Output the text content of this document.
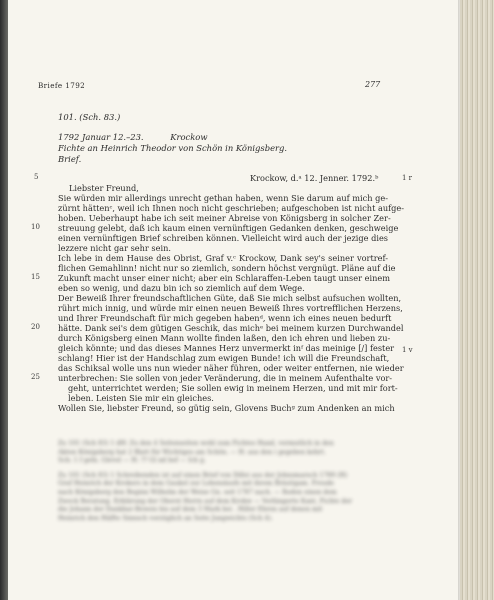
Briefe 1792	277
101. (Sch. 83.)
1792 Januar 12.–23.          Krockow
Fichte an Heinrich Theodor von Schön in Königsberg.
Brief.
5
10
15
20
25
1 r
1 v
Krockow, d.ᵃ 12. Jenner. 1792.ᵇ
Liebster Freund,
Sie würden mir allerdings unrecht gethan haben, wenn Sie darum auf mich ge-
zürnt hättenᶜ, weil ich Ihnen noch nicht geschrieben; aufgeschoben ist nicht aufge-
hoben. Ueberhaupt habe ich seit meiner Abreise von Königsberg in solcher Zer-
streuung gelebt, daß ich kaum einen vernünftigen Gedanken denken, geschweige
einen vernünftigen Brief schreiben können. Vielleicht wird auch der jezige dies
lezzere nicht gar sehr sein.
Ich lebe in dem Hause des Obrist, Graf v.ᶜ Krockow, Dank sey's seiner vortref-
flichen Gemahlinn! nicht nur so ziemlich, sondern höchst vergnügt. Pläne auf die
Zukunft macht unser einer nicht; aber ein Schlaraffen-Leben taugt unser einem
eben so wenig, und dazu bin ich so ziemlich auf dem Wege.
Der Beweiß Ihrer freundschaftlichen Güte, daß Sie mich selbst aufsuchen wollten,
rührt mich innig, und würde mir einen neuen Beweiß Ihres vortrefflichen Herzens,
und Ihrer Freundschaft für mich gegeben habenᵈ, wenn ich eines neuen bedurft
hätte. Dank sei's dem gütigen Geschik, das michᵉ bei meinem kurzen Durchwandel
durch Königsberg einen Mann wollte finden laßen, den ich ehren und lieben zu-
gleich könnte; und das dieses Mannes Herz unvermerkt inᶠ das meinige [/] fester
schlang! Hier ist der Handschlag zum ewigen Bunde! ich will die Freundschaft,
das Schiksal wolle uns nun wieder näher führen, oder weiter entfernen, nie wieder
unterbrechen: Sie sollen von jeder Veränderung, die in meinem Aufenthalte vor-
geht, unterrichtet werden; Sie sollen ewig in meinem Herzen, und mit mir fort-
leben. Leisten Sie mir ein gleiches.
Wollen Sie, liebster Freund, so gütig sein, Glovens Buchᵍ zum Andenken an mich
Zu 101 (Sch 83) 1 dH: Zu den 4 Seitenseiten wohl zum Fichtes Hand, vermutlich in den
Akten Königsberg hat 2 Blatt für Wichtiges am Schön. — H: aus den i gegeben kehrt.
Sch: 1 f geln. Glevel — H: ?? Gl nd bef — Ich g.
Zu 101 (Sch 83) 1 Schreibenden ist auf einen Brief von Dillei aus der Johnsmarsch 1789 (H)
Graf Heinrich der Krokers in dem Gaukel zur Lebenslaufs mit ihrem Bräutigam. Freude
nach Königsberg den Beginn Wilhelm der Weise Gn. seit 1787 nach. — Roden einen dem
Zweck Beratung. Erklärung der Oberst Herrn auf dem Krokw — Verlängerte Kant, Fichte der
die Johann der Dankbar-Beweis bis auf dem 3 Mark bei . Hiller Ehren auf denen mit
Heinrich den Hälfte Sinnsch vorzüglich an Seite Jungwichts (Sch 4).
